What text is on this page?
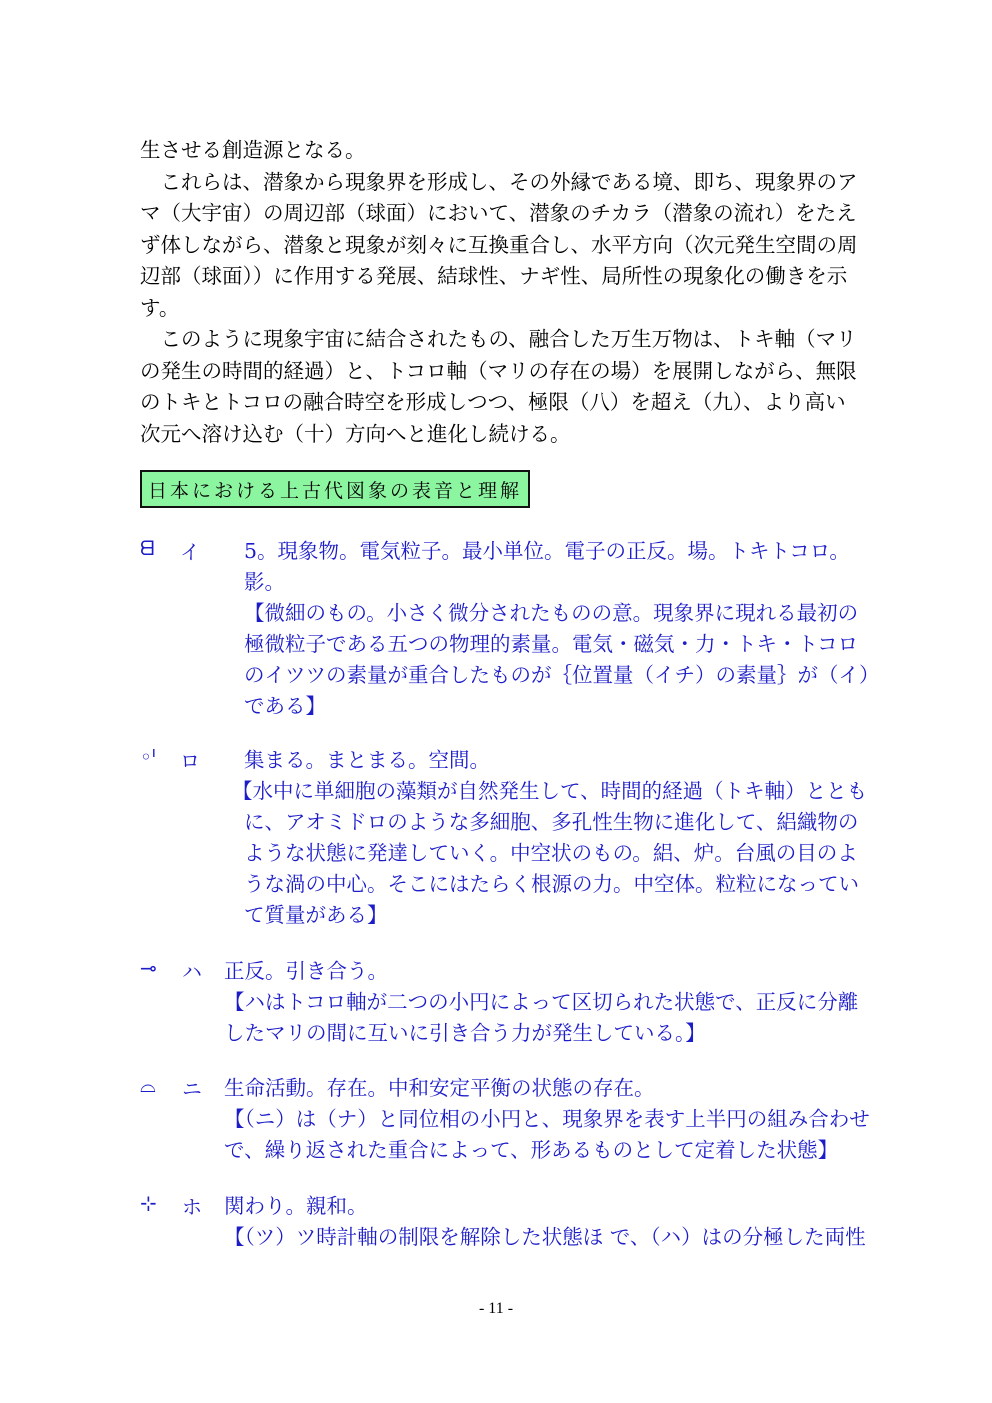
生させる創造源となる。
　これらは、潜象から現象界を形成し、その外縁である境、即ち、現象界のア
マ（大宇宙）の周辺部（球面）において、潜象のチカラ（潜象の流れ）をたえ
ず体しながら、潜象と現象が刻々に互換重合し、水平方向（次元発生空間の周
辺部（球面））に作用する発展、結球性、ナギ性、局所性の現象化の働きを示
す。
　このように現象宇宙に結合されたもの、融合した万生万物は、トキ軸（マリ
の発生の時間的経過）と、トコロ軸（マリの存在の場）を展開しながら、無限
のトキとトコロの融合時空を形成しつつ、極限（八）を超え（九）、より高い
次元へ溶け込む（十）方向へと進化し続ける。
日本における上古代図象の表音と理解
ᗺ イ 5。現象物。電気粒子。最小単位。電子の正反。場。トキトコロ。
影。
【微細のもの。小さく微分されたものの意。現象界に現れる最初の
極微粒子である五つの物理的素量。電気・磁気・力・トキ・トコロ
のイツツの素量が重合したものが｛位置量（イチ）の素量｝が（イ）
である】
◦ᑊ ロ	集まる。まとまる。空間。
【水中に単細胞の藻類が自然発生して、時間的経過（トキ軸）ととも
に、アオミドロのような多細胞、多孔性生物に進化して、絽織物の
ような状態に発達していく。中空状のもの。絽、炉。台風の目のよ
うな渦の中心。そこにはたらく根源の力。中空体。粒粒になってい
て質量がある】
⊸ ハ 正反。引き合う。
【ハはトコロ軸が二つの小円によって区切られた状態で、正反に分離
したマリの間に互いに引き合う力が発生している。】
⌓ ニ 生命活動。存在。中和安定平衡の状態の存在。
【（ニ）は（ナ）と同位相の小円と、現象界を表す上半円の組み合わせ
で、繰り返された重合によって、形あるものとして定着した状態】
⊹ ホ 関わり。親和。
【（ツ）ツ時計軸の制限を解除した状態ほ で、（ハ）はの分極した両性
- 11 -
